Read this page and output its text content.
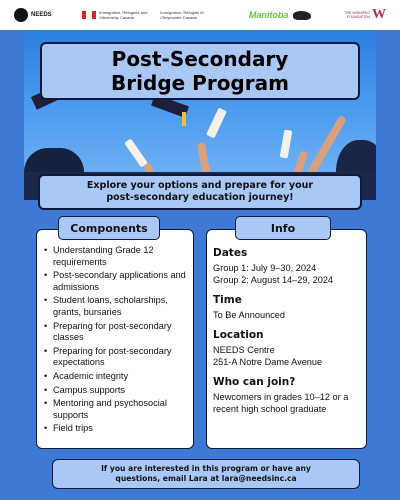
NEEDS	Immigration, Refugees and Citizenship Canada
Immigration, Réfugiés et Citoyenneté Canada	Manitoba	THE WINNIPEG FOUNDATION W
Post-Secondary
Bridge Program
Explore your options and prepare for your
post-secondary education journey!
Components	Info
• Understanding Grade 12 requirements
• Post-secondary applications and admissions
• Student loans, scholarships, grants, bursaries
• Preparing for post-secondary classes
• Preparing for post-secondary expectations
• Academic integrity
• Campus supports
• Mentoring and psychosocial supports
• Field trips
Dates

Group 1: July 9–30, 2024

Group 2: August 14–29, 2024

Time

To Be Announced

Location

NEEDS Centre

251-A Notre Dame Avenue

Who can join?

Newcomers in grades 10–12 or a recent high school graduate

If you are interested in this program or have any
questions, email Lara at lara@needsinc.ca
